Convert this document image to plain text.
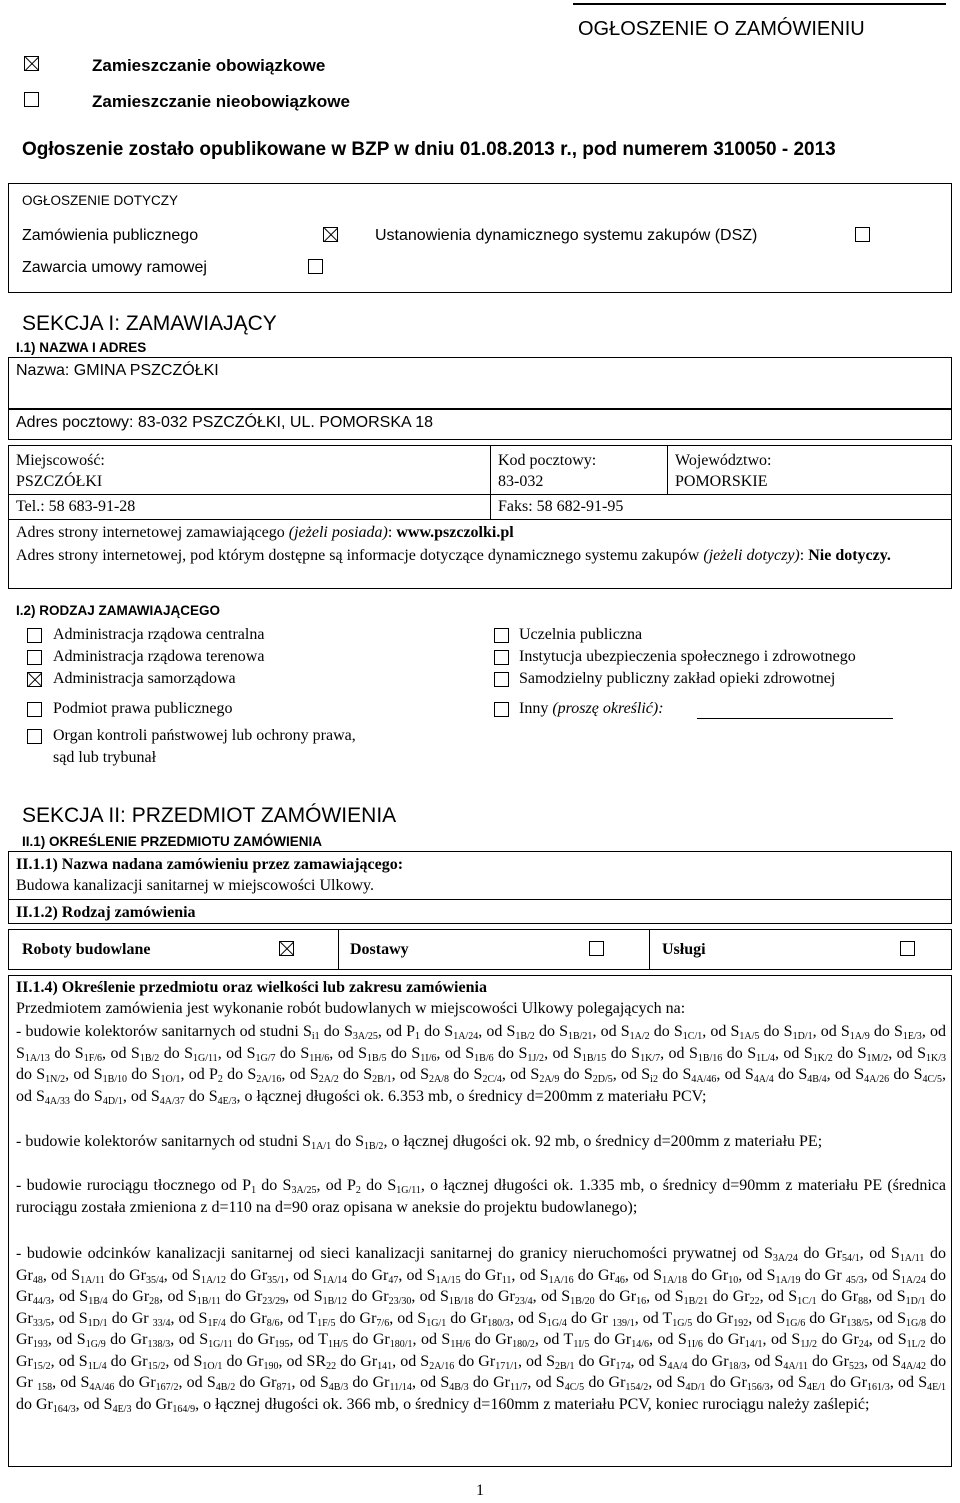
OGŁOSZENIE O ZAMÓWIENIU
Zamieszczanie obowiązkowe
Zamieszczanie nieobowiązkowe
Ogłoszenie zostało opublikowane w BZP w dniu 01.08.2013 r., pod numerem 310050 - 2013
OGŁOSZENIE DOTYCZY
Zamówienia publicznego	Ustanowienia dynamicznego systemu zakupów (DSZ)
Zawarcia umowy ramowej
SEKCJA I: ZAMAWIAJĄCY
I.1) NAZWA I ADRES
Nazwa: GMINA PSZCZÓŁKI
Adres pocztowy: 83-032 PSZCZÓŁKI, UL. POMORSKA 18
Miejscowość:
PSZCZÓŁKI
Kod pocztowy:
83-032
Województwo:
POMORSKIE
Tel.: 58 683-91-28	Faks: 58 682-91-95
Adres strony internetowej zamawiającego (jeżeli posiada): www.pszczolki.pl
Adres strony internetowej, pod którym dostępne są informacje dotyczące dynamicznego systemu zakupów (jeżeli dotyczy): Nie dotyczy.
I.2) RODZAJ ZAMAWIAJĄCEGO
Administracja rządowa centralna
Administracja rządowa terenowa
Administracja samorządowa
Podmiot prawa publicznego
Organ kontroli państwowej lub ochrony prawa,
sąd lub trybunał
Uczelnia publiczna
Instytucja ubezpieczenia społecznego i zdrowotnego
Samodzielny publiczny zakład opieki zdrowotnej
Inny (proszę określić):
SEKCJA II: PRZEDMIOT ZAMÓWIENIA
II.1) OKREŚLENIE PRZEDMIOTU ZAMÓWIENIA
II.1.1) Nazwa nadana zamówieniu przez zamawiającego:
Budowa kanalizacji sanitarnej w miejscowości Ulkowy.
II.1.2) Rodzaj zamówienia
Roboty budowlane	Dostawy	Usługi
II.1.4) Określenie przedmiotu oraz wielkości lub zakresu zamówienia
Przedmiotem zamówienia jest wykonanie robót budowlanych w miejscowości Ulkowy polegających na:
- budowie kolektorów sanitarnych od studni $S_{i1}$ do $S_{3A/25}$, od $P_1$ do $S_{1A/24}$, od $S_{1B/2}$ do $S_{1B/21}$, od $S_{1A/2}$ do $S_{1C/1}$, od $S_{1A/5}$ do $S_{1D/1}$, od $S_{1A/9}$ do $S_{1E/3}$, od $S_{1A/13}$ do $S_{1F/6}$, od $S_{1B/2}$ do $S_{1G/11}$, od $S_{1G/7}$ do $S_{1H/6}$, od $S_{1B/5}$ do $S_{1I/6}$, od $S_{1B/6}$ do $S_{1J/2}$, od $S_{1B/15}$ do $S_{1K/7}$, od $S_{1B/16}$ do $S_{1L/4}$, od $S_{1K/2}$ do $S_{1M/2}$, od $S_{1K/3}$ do $S_{1N/2}$, od $S_{1B/10}$ do $S_{1O/1}$, od $P_2$ do $S_{2A/16}$, od $S_{2A/2}$ do $S_{2B/1}$, od $S_{2A/8}$ do $S_{2C/4}$, od $S_{2A/9}$ do $S_{2D/5}$, od $S_{i2}$ do $S_{4A/46}$, od $S_{4A/4}$ do $S_{4B/4}$, od $S_{4A/26}$ do $S_{4C/5}$, od $S_{4A/33}$ do $S_{4D/1}$, od $S_{4A/37}$ do $S_{4E/3}$, o łącznej długości ok. 6.353 mb, o średnicy d=200mm z materiału PCV;
- budowie kolektorów sanitarnych od studni $S_{1A/1}$ do $S_{1B/2}$, o łącznej długości ok. 92 mb, o średnicy d=200mm z materiału PE;
- budowie rurociągu tłocznego od $P_1$ do $S_{3A/25}$, od $P_2$ do $S_{1G/11}$, o łącznej długości ok. 1.335 mb, o średnicy d=90mm z materiału PE (średnica rurociągu została zmieniona z d=110 na d=90 oraz opisana w aneksie do projektu budowlanego);
- budowie odcinków kanalizacji sanitarnej od sieci kanalizacji sanitarnej do granicy nieruchomości prywatnej od $S_{3A/24}$ do $Gr_{54/1}$, od $S_{1A/11}$ do $Gr_{48}$, od $S_{1A/11}$ do $Gr_{35/4}$, od $S_{1A/12}$ do $Gr_{35/1}$, od $S_{1A/14}$ do $Gr_{47}$, od $S_{1A/15}$ do $Gr_{11}$, od $S_{1A/16}$ do $Gr_{46}$, od $S_{1A/18}$ do $Gr_{10}$, od $S_{1A/19}$ do Gr $_{45/3}$, od $S_{1A/24}$ do $Gr_{44/3}$, od $S_{1B/4}$ do $Gr_{28}$, od $S_{1B/11}$ do $Gr_{23/29}$, od $S_{1B/12}$ do $Gr_{23/30}$, od $S_{1B/18}$ do $Gr_{23/4}$, od $S_{1B/20}$ do $Gr_{16}$, od $S_{1B/21}$ do $Gr_{22}$, od $S_{1C/1}$ do $Gr_{88}$, od $S_{1D/1}$ do $Gr_{33/5}$, od $S_{1D/1}$ do Gr $_{33/4}$, od $S_{1F/4}$ do $Gr_{8/6}$, od $T_{1F/5}$ do $Gr_{7/6}$, od $S_{1G/1}$ do $Gr_{180/3}$, od $S_{1G/4}$ do Gr $_{139/1}$, od $T_{1G/5}$ do $Gr_{192}$, od $S_{1G/6}$ do $Gr_{138/5}$, od $S_{1G/8}$ do $Gr_{193}$, od $S_{1G/9}$ do $Gr_{138/3}$, od $S_{1G/11}$ do $Gr_{195}$, od $T_{1H/5}$ do $Gr_{180/1}$, od $S_{1H/6}$ do $Gr_{180/2}$, od $T_{1I/5}$ do $Gr_{14/6}$, od $S_{1I/6}$ do $Gr_{14/1}$, od $S_{1J/2}$ do $Gr_{24}$, od $S_{1L/2}$ do $Gr_{15/2}$, od $S_{1L/4}$ do $Gr_{15/2}$, od $S_{1O/1}$ do $Gr_{190}$, od $SR_{22}$ do $Gr_{141}$, od $S_{2A/16}$ do $Gr_{171/1}$, od $S_{2B/1}$ do $Gr_{174}$, od $S_{4A/4}$ do $Gr_{18/3}$, od $S_{4A/11}$ do $Gr_{523}$, od $S_{4A/42}$ do Gr $_{158}$, od $S_{4A/46}$ do $Gr_{167/2}$, od $S_{4B/2}$ do $Gr_{871}$, od $S_{4B/3}$ do $Gr_{11/14}$, od $S_{4B/3}$ do $Gr_{11/7}$, od $S_{4C/5}$ do $Gr_{154/2}$, od $S_{4D/1}$ do $Gr_{156/3}$, od $S_{4E/1}$ do $Gr_{161/3}$, od $S_{4E/1}$ do $Gr_{164/3}$, od $S_{4E/3}$ do $Gr_{164/9}$, o łącznej długości ok. 366 mb, o średnicy d=160mm z materiału PCV, koniec rurociągu należy zaślepić;
1
